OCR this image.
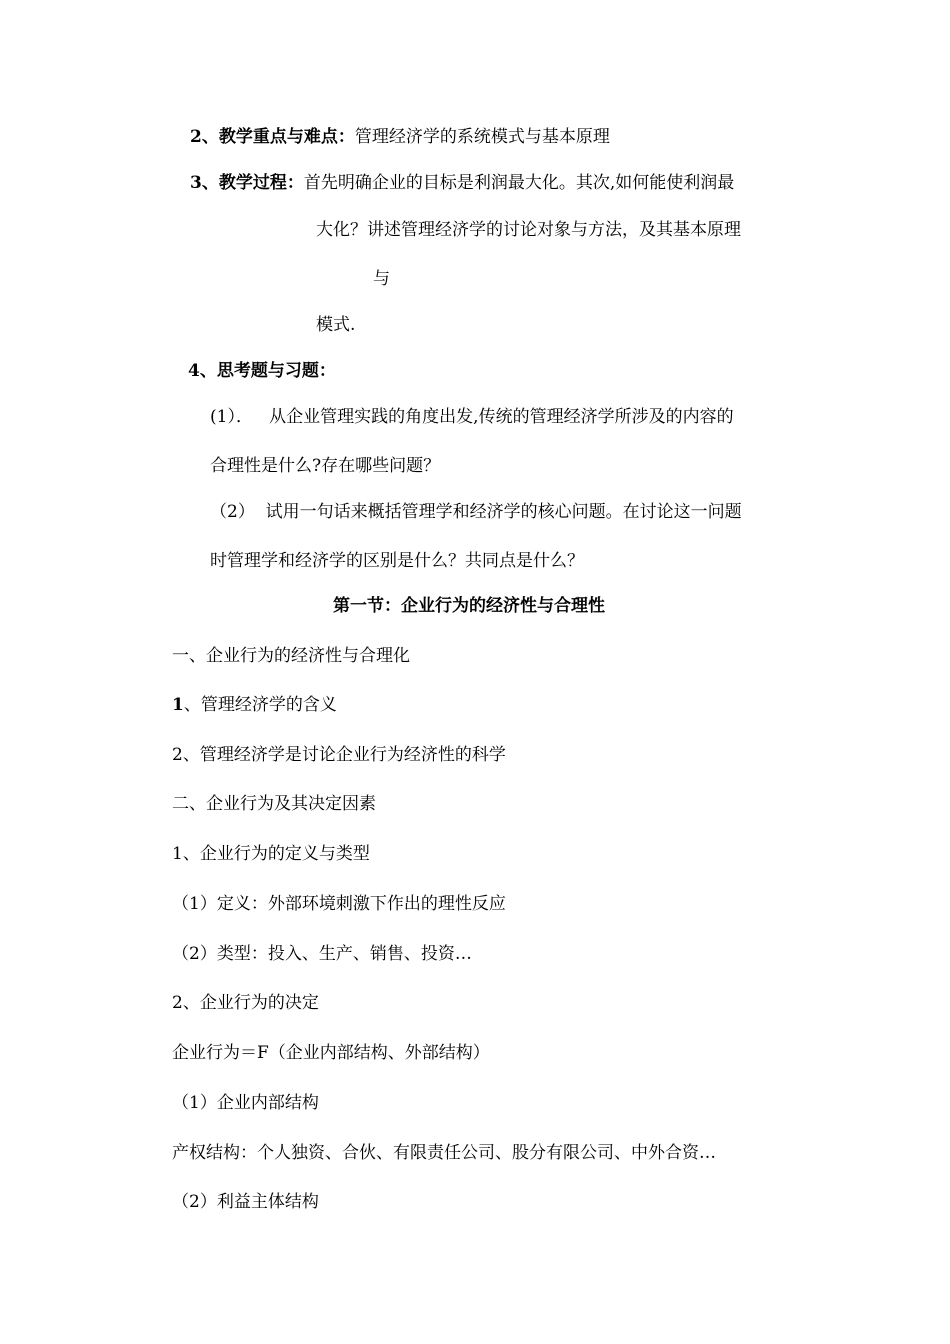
2、教学重点与难点：管理经济学的系统模式与基本原理
3、教学过程：首先明确企业的目标是利润最大化。其次,如何能使利润最
大化？讲述管理经济学的讨论对象与方法，及其基本原理
与
模式.
4、思考题与习题：
(1）． 从企业管理实践的角度出发,传统的管理经济学所涉及的内容的
合理性是什么?存在哪些问题？
（2） 试用一句话来概括管理学和经济学的核心问题。在讨论这一问题
时管理学和经济学的区别是什么？共同点是什么？
第一节：企业行为的经济性与合理性
一、企业行为的经济性与合理化
1、管理经济学的含义
2、管理经济学是讨论企业行为经济性的科学
二、企业行为及其决定因素
1、企业行为的定义与类型
（1）定义：外部环境刺激下作出的理性反应
（2）类型：投入、生产、销售、投资…
2、企业行为的决定
企业行为＝F（企业内部结构、外部结构）
（1）企业内部结构
产权结构：个人独资、合伙、有限责任公司、股分有限公司、中外合资…
（2）利益主体结构
